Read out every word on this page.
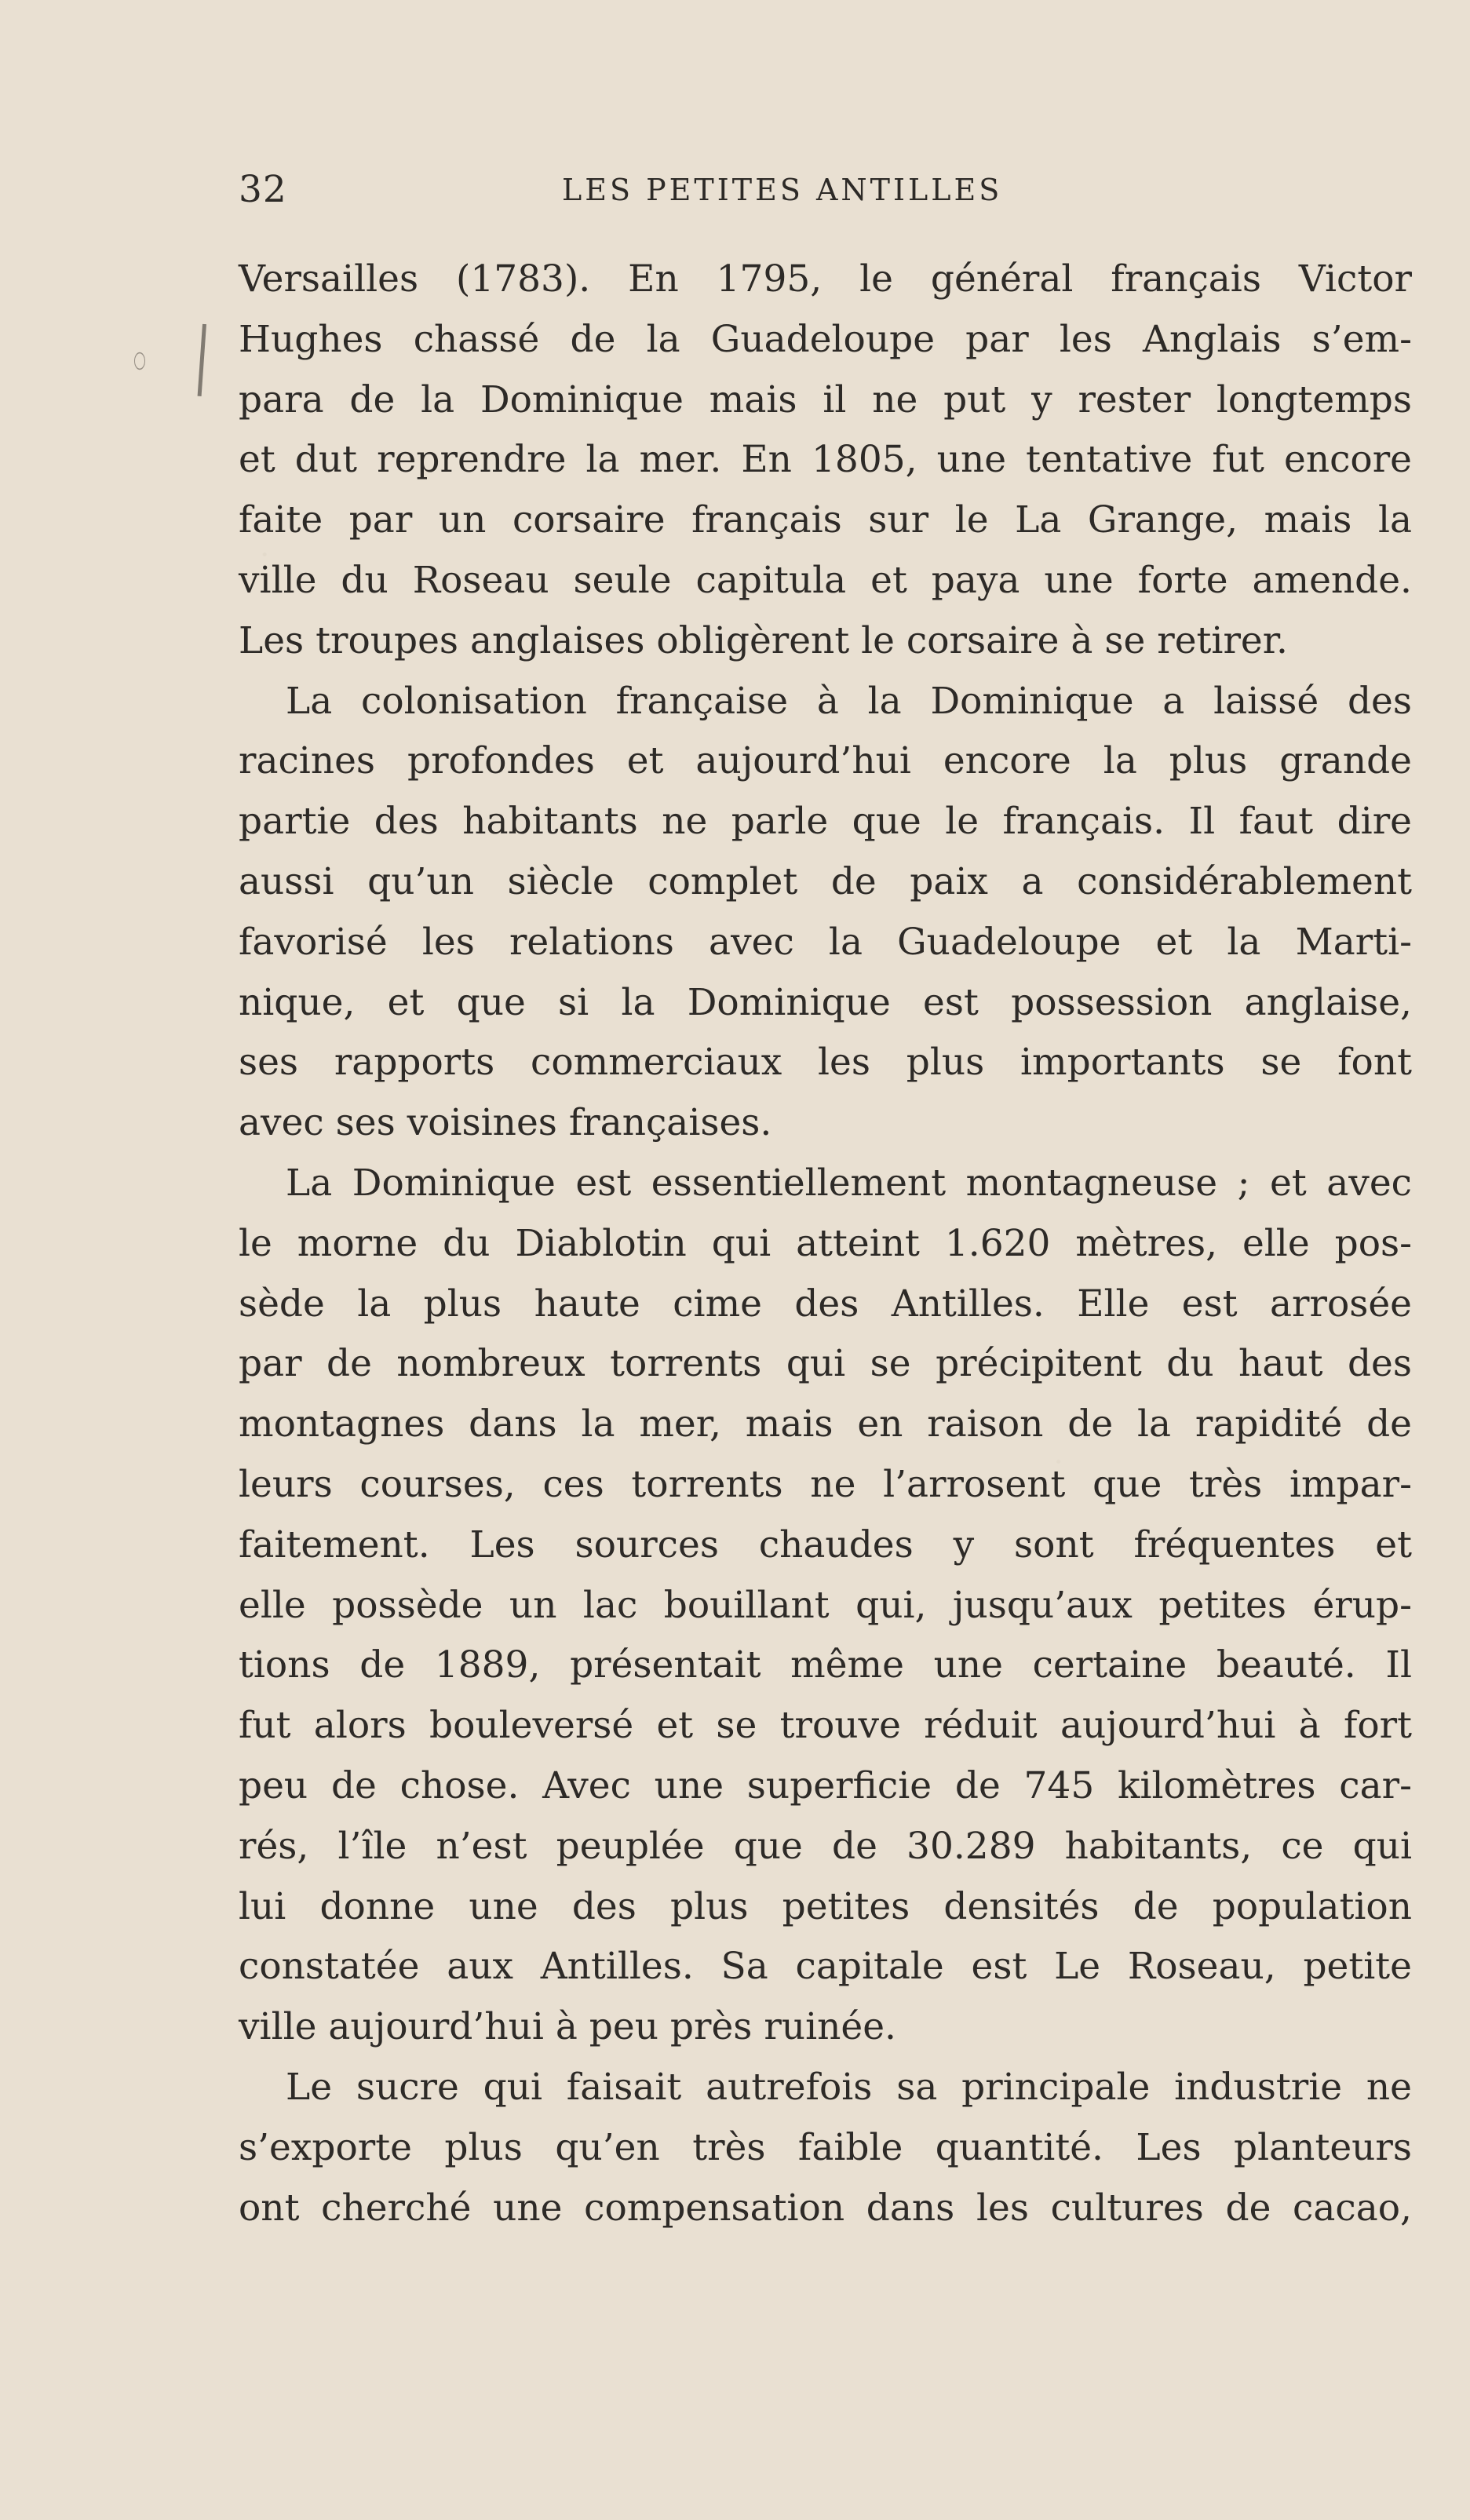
32	LES PETITES ANTILLES
Versailles (1783). En 1795, le général français Victor
Hughes chassé de la Guadeloupe par les Anglais s’em-
para de la Dominique mais il ne put y rester longtemps
et dut reprendre la mer. En 1805, une tentative fut encore
faite par un corsaire français sur le La Grange, mais la
ville du Roseau seule capitula et paya une forte amende.
Les troupes anglaises obligèrent le corsaire à se retirer.
La colonisation française à la Dominique a laissé des
racines profondes et aujourd’hui encore la plus grande
partie des habitants ne parle que le français. Il faut dire
aussi qu’un siècle complet de paix a considérablement
favorisé les relations avec la Guadeloupe et la Marti-
nique, et que si la Dominique est possession anglaise,
ses rapports commerciaux les plus importants se font
avec ses voisines françaises.
La Dominique est essentiellement montagneuse ; et avec
le morne du Diablotin qui atteint 1.620 mètres, elle pos-
sède la plus haute cime des Antilles. Elle est arrosée
par de nombreux torrents qui se précipitent du haut des
montagnes dans la mer, mais en raison de la rapidité de
leurs courses, ces torrents ne l’arrosent que très impar-
faitement. Les sources chaudes y sont fréquentes et
elle possède un lac bouillant qui, jusqu’aux petites érup-
tions de 1889, présentait même une certaine beauté. Il
fut alors bouleversé et se trouve réduit aujourd’hui à fort
peu de chose. Avec une superficie de 745 kilomètres car-
rés, l’île n’est peuplée que de 30.289 habitants, ce qui
lui donne une des plus petites densités de population
constatée aux Antilles. Sa capitale est Le Roseau, petite
ville aujourd’hui à peu près ruinée.
Le sucre qui faisait autrefois sa principale industrie ne
s’exporte plus qu’en très faible quantité. Les planteurs
ont cherché une compensation dans les cultures de cacao,
